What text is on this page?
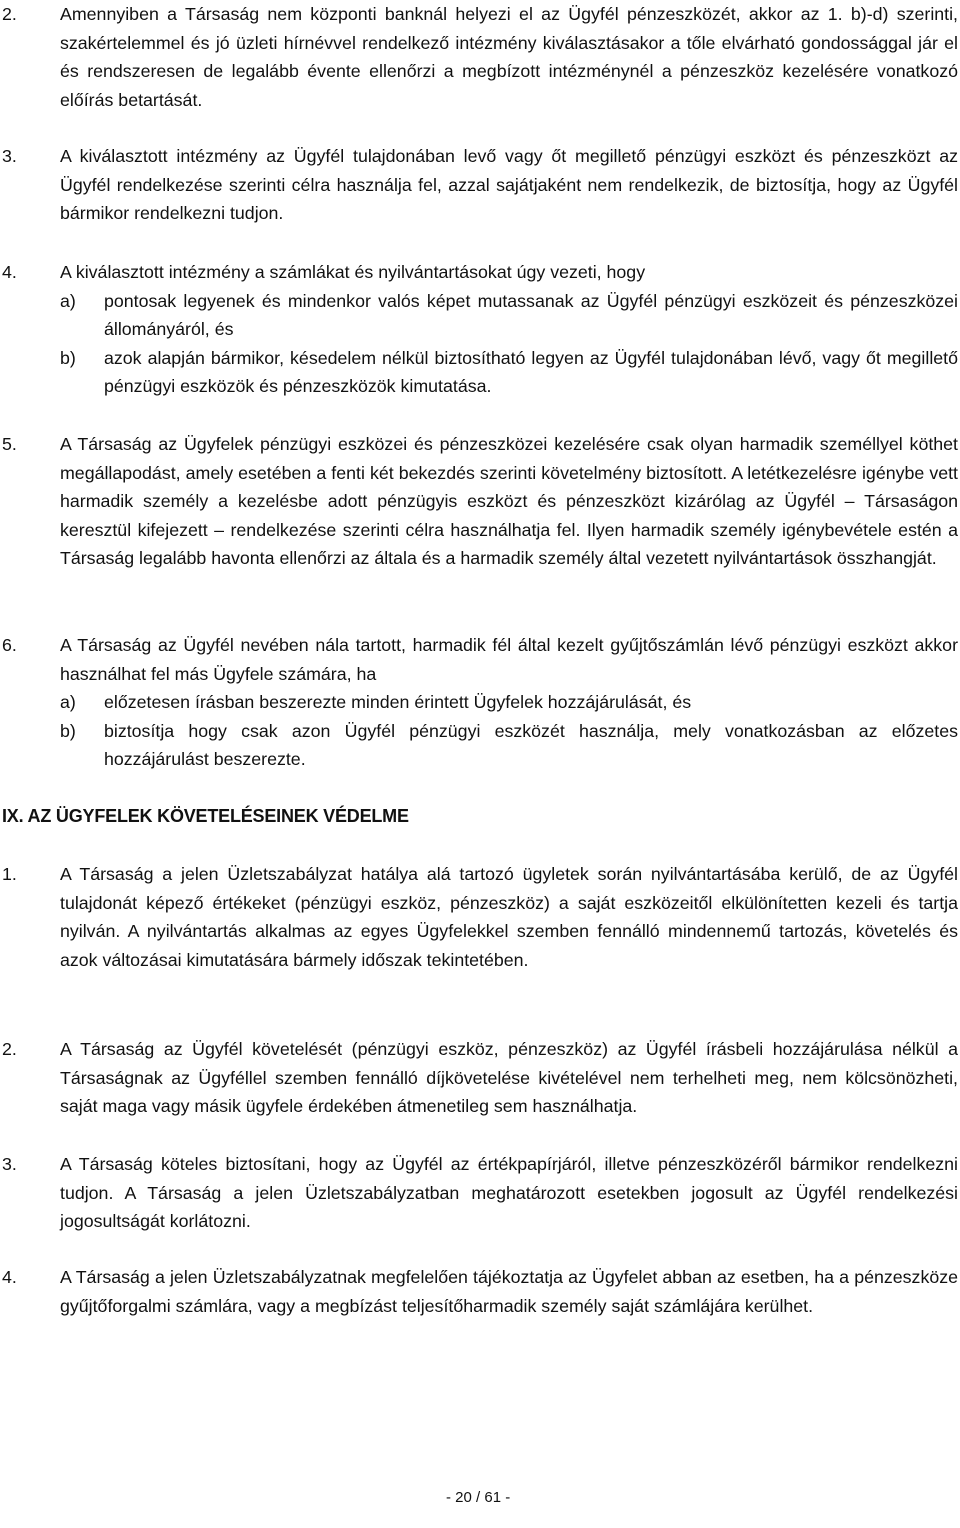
2. Amennyiben a Társaság nem központi banknál helyezi el az Ügyfél pénzeszközét, akkor az 1. b)-d) szerinti, szakértelemmel és jó üzleti hírnévvel rendelkező intézmény kiválasztásakor a tőle elvárható gondossággal jár el és rendszeresen de legalább évente ellenőrzi a megbízott intézménynél a pénzeszköz kezelésére vonatkozó előírás betartását.
3. A kiválasztott intézmény az Ügyfél tulajdonában levő vagy őt megillető pénzügyi eszközt és pénzeszközt az Ügyfél rendelkezése szerinti célra használja fel, azzal sajátjaként nem rendelkezik, de biztosítja, hogy az Ügyfél bármikor rendelkezni tudjon.
4. A kiválasztott intézmény a számlákat és nyilvántartásokat úgy vezeti, hogy
a) pontosak legyenek és mindenkor valós képet mutassanak az Ügyfél pénzügyi eszközeit és pénzeszközei állományáról, és
b) azok alapján bármikor, késedelem nélkül biztosítható legyen az Ügyfél tulajdonában lévő, vagy őt megillető pénzügyi eszközök és pénzeszközök kimutatása.
5. A Társaság az Ügyfelek pénzügyi eszközei és pénzeszközei kezelésére csak olyan harmadik személlyel köthet megállapodást, amely esetében a fenti két bekezdés szerinti követelmény biztosított. A letétkezelésre igénybe vett harmadik személy a kezelésbe adott pénzügyis eszközt és pénzeszközt kizárólag az Ügyfél – Társaságon keresztül kifejezett – rendelkezése szerinti célra használhatja fel. Ilyen harmadik személy igénybevétele estén a Társaság legalább havonta ellenőrzi az általa és a harmadik személy által vezetett nyilvántartások összhangját.
6. A Társaság az Ügyfél nevében nála tartott, harmadik fél által kezelt gyűjtőszámlán lévő pénzügyi eszközt akkor használhat fel más Ügyfele számára, ha
a) előzetesen írásban beszerezte minden érintett Ügyfelek hozzájárulását, és
b) biztosítja hogy csak azon Ügyfél pénzügyi eszközét használja, mely vonatkozásban az előzetes hozzájárulást beszerezte.
IX. AZ ÜGYFELEK KÖVETELÉSEINEK VÉDELME
1. A Társaság a jelen Üzletszabályzat hatálya alá tartozó ügyletek során nyilvántartásába kerülő, de az Ügyfél tulajdonát képező értékeket (pénzügyi eszköz, pénzeszköz) a saját eszközeitől elkülönítetten kezeli és tartja nyilván. A nyilvántartás alkalmas az egyes Ügyfelekkel szemben fennálló mindennemű tartozás, követelés és azok változásai kimutatására bármely időszak tekintetében.
2. A Társaság az Ügyfél követelését (pénzügyi eszköz, pénzeszköz) az Ügyfél írásbeli hozzájárulása nélkül a Társaságnak az Ügyféllel szemben fennálló díjkövetelése kivételével nem terhelheti meg, nem kölcsönözheti, saját maga vagy másik ügyfele érdekében átmenetileg sem használhatja.
3. A Társaság köteles biztosítani, hogy az Ügyfél az értékpapírjáról, illetve pénzeszközéről bármikor rendelkezni tudjon. A Társaság a jelen Üzletszabályzatban meghatározott esetekben jogosult az Ügyfél rendelkezési jogosultságát korlátozni.
4. A Társaság a jelen Üzletszabályzatnak megfelelően tájékoztatja az Ügyfelet abban az esetben, ha a pénzeszköze gyűjtőforgalmi számlára, vagy a megbízást teljesítőharmadik személy saját számlájára kerülhet.
- 20 / 61 -
